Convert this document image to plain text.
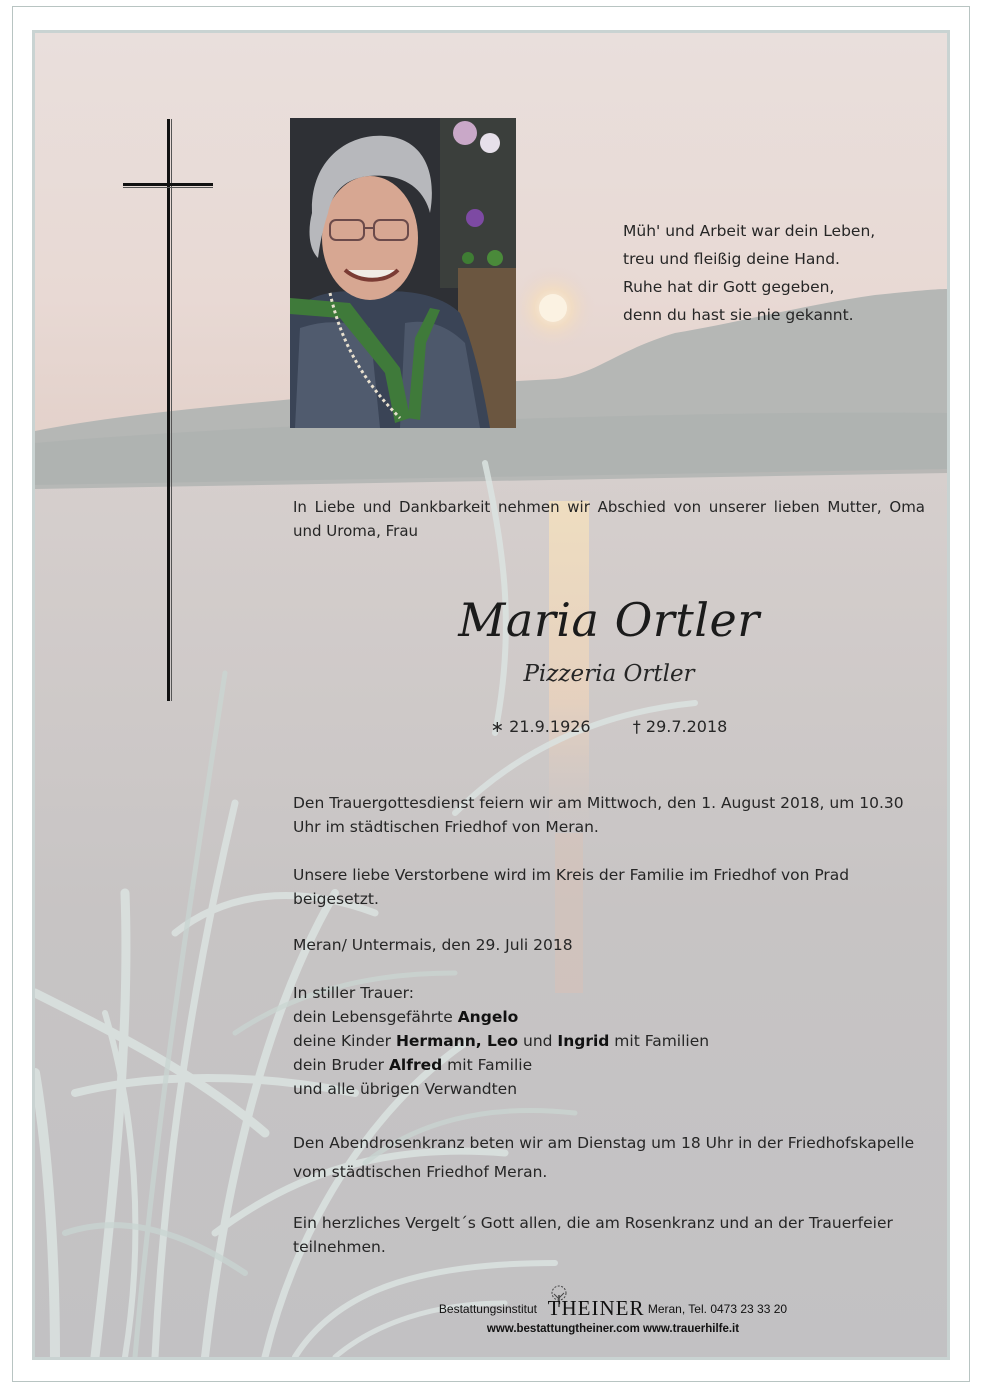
Müh' und Arbeit war dein Leben,
treu und fleißig deine Hand.
Ruhe hat dir Gott gegeben,
denn du hast sie nie gekannt.
In Liebe und Dankbarkeit nehmen wir Abschied von unserer lieben Mutter, Oma und Uroma, Frau
Maria Ortler
Pizzeria Ortler
∗ 21.9.1926	† 29.7.2018
Den Trauergottesdienst feiern wir am Mittwoch, den 1. August 2018, um 10.30 Uhr im städtischen Friedhof von Meran.
Unsere liebe Verstorbene wird im Kreis der Familie im Friedhof von Prad beigesetzt.
Meran/ Untermais, den 29. Juli 2018
In stiller Trauer:
dein Lebensgefährte Angelo
deine Kinder Hermann, Leo und Ingrid mit Familien
dein Bruder Alfred mit Familie
und alle übrigen Verwandten
Den Abendrosenkranz beten wir am Dienstag um 18 Uhr in der Friedhofskapelle vom städtischen Friedhof Meran.
Ein herzliches Vergelt´s Gott allen, die am Rosenkranz und an der Trauerfeier teilnehmen.
Bestattungsinstitut THEINER Meran, Tel. 0473 23 33 20
www.bestattungtheiner.com www.trauerhilfe.it
